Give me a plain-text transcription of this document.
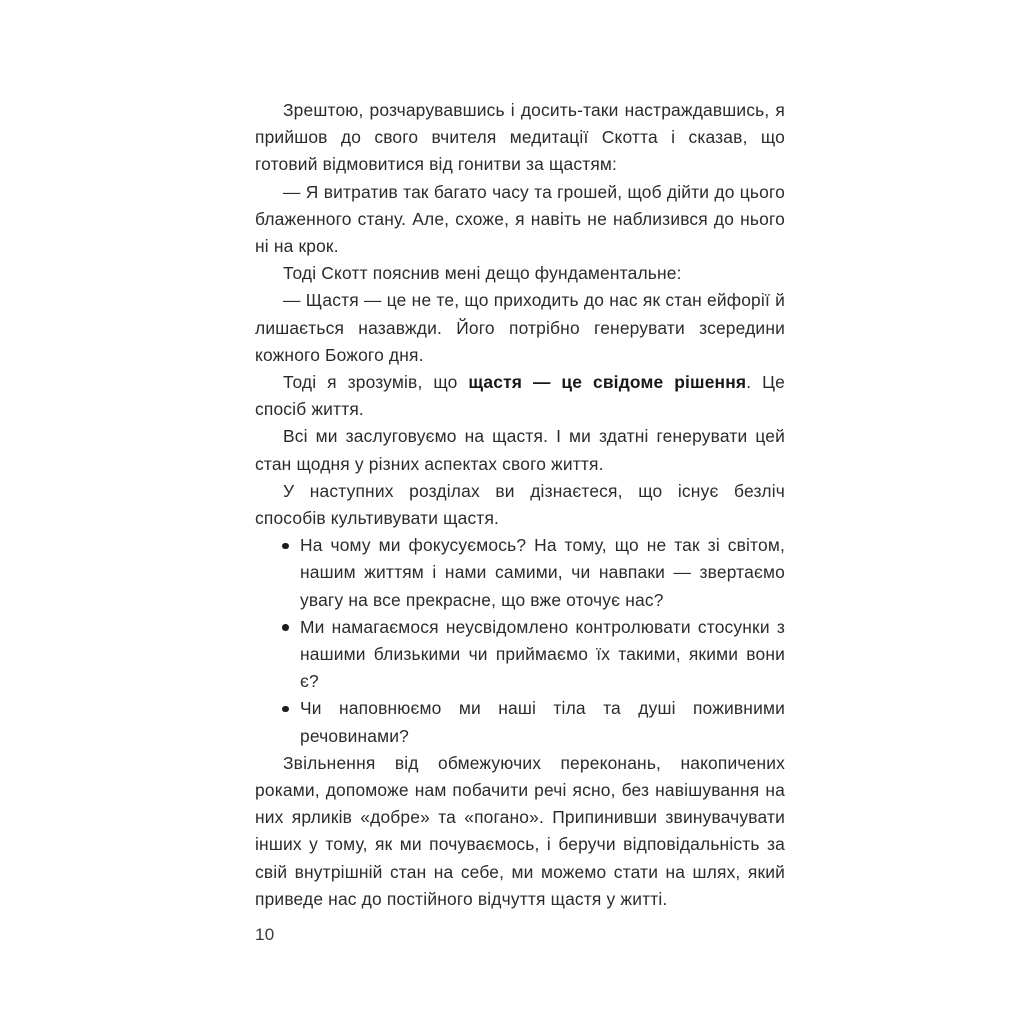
Зрештою, розчарувавшись і досить-таки настраждавшись, я прийшов до свого вчителя медитації Скотта і сказав, що готовий відмовитися від гонитви за щастям:

— Я витратив так багато часу та грошей, щоб дійти до цього блаженного стану. Але, схоже, я навіть не наблизився до нього ні на крок.

Тоді Скотт пояснив мені дещо фундаментальне:

— Щастя — це не те, що приходить до нас як стан ейфорії й лишається назавжди. Його потрібно генерувати зсередини кожного Божого дня.

Тоді я зрозумів, що щастя — це свідоме рішення. Це спосіб життя.

Всі ми заслуговуємо на щастя. І ми здатні генерувати цей стан щодня у різних аспектах свого життя.

У наступних розділах ви дізнаєтеся, що існує безліч способів культивувати щастя.

На чому ми фокусуємось? На тому, що не так зі світом, нашим життям і нами самими, чи навпаки — звертаємо увагу на все прекрасне, що вже оточує нас?
Ми намагаємося неусвідомлено контролювати стосунки з нашими близькими чи приймаємо їх такими, якими вони є?
Чи наповнюємо ми наші тіла та душі поживними речовинами?

Звільнення від обмежуючих переконань, накопичених роками, допоможе нам побачити речі ясно, без навішування на них ярликів «добре» та «погано». Припинивши звинувачувати інших у тому, як ми почуваємось, і беручи відповідальність за свій внутрішній стан на себе, ми можемо стати на шлях, який приведе нас до постійного відчуття щастя у житті.

10
